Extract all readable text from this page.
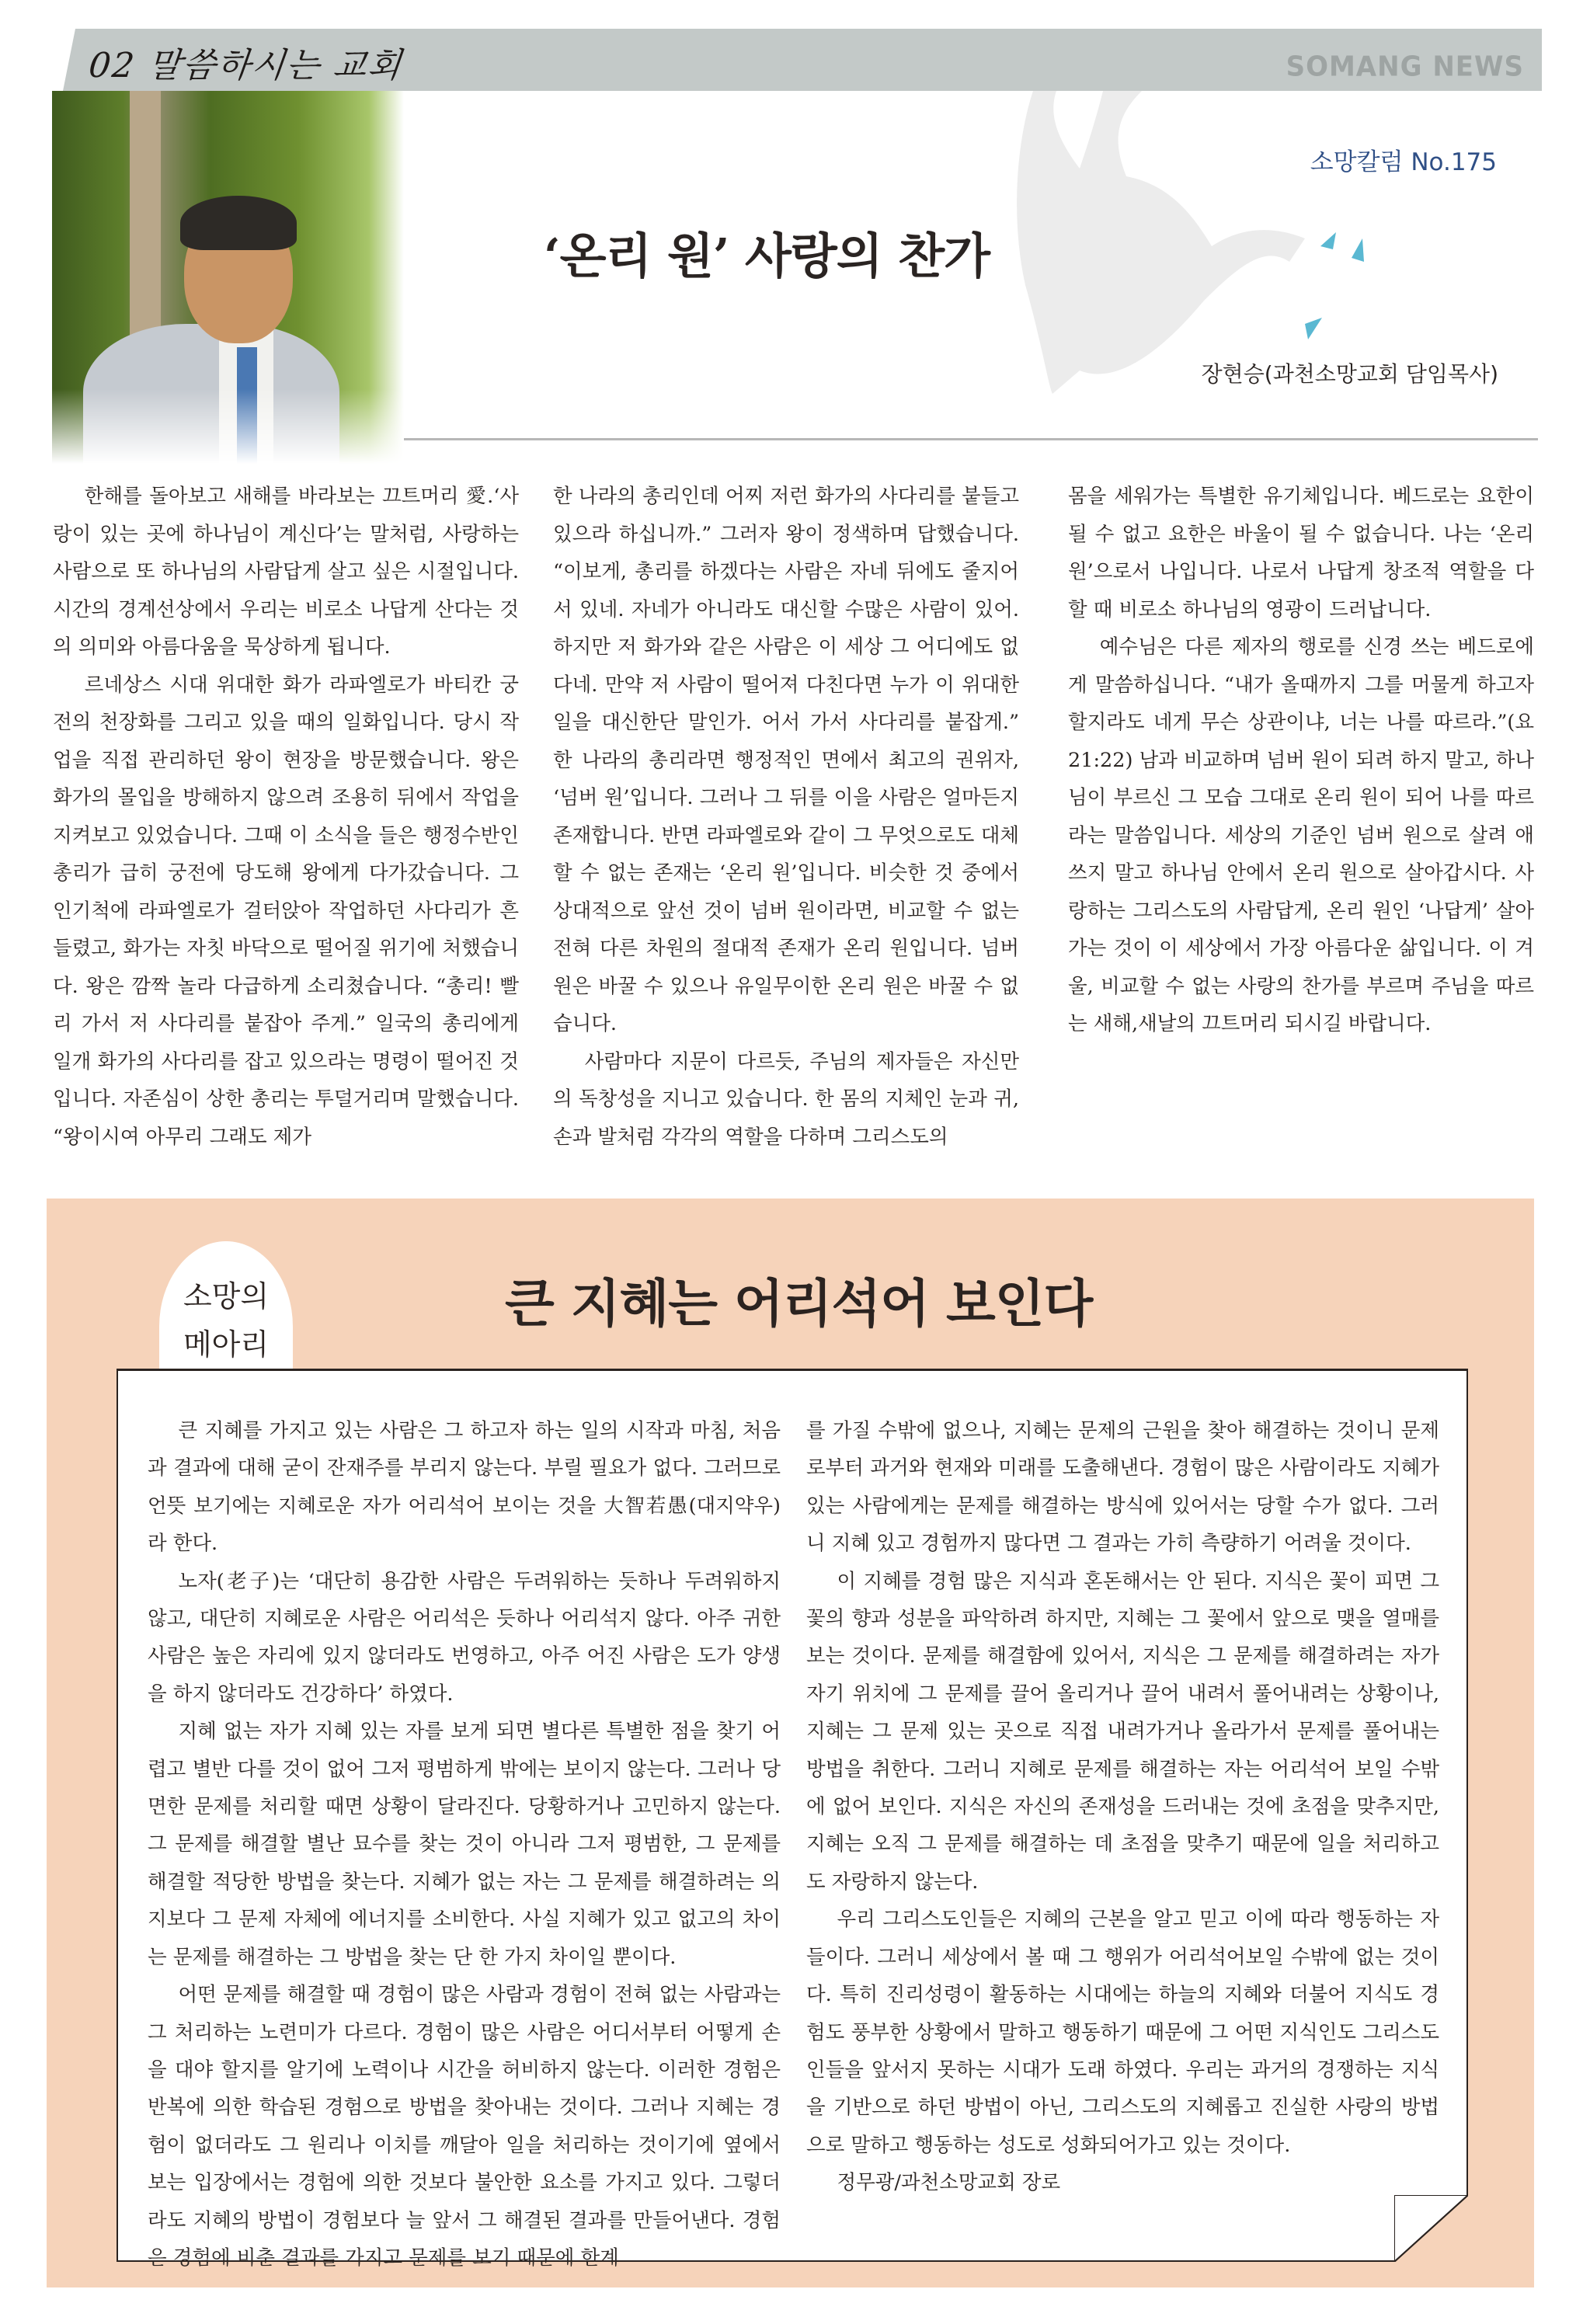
02 말씀하시는 교회	SOMANG NEWS
소망칼럼 No.175
‘온리 원’ 사랑의 찬가
장현승(과천소망교회 담임목사)

한해를 돌아보고 새해를 바라보는 끄트머리 愛.‘사랑이 있는 곳에 하나님이 계신다’는 말처럼, 사랑하는 사람으로 또 하나님의 사람답게 살고 싶은 시절입니다. 시간의 경계선상에서 우리는 비로소 나답게 산다는 것의 의미와 아름다움을 묵상하게 됩니다.

르네상스 시대 위대한 화가 라파엘로가 바티칸 궁전의 천장화를 그리고 있을 때의 일화입니다. 당시 작업을 직접 관리하던 왕이 현장을 방문했습니다. 왕은 화가의 몰입을 방해하지 않으려 조용히 뒤에서 작업을 지켜보고 있었습니다. 그때 이 소식을 들은 행정수반인 총리가 급히 궁전에 당도해 왕에게 다가갔습니다. 그 인기척에 라파엘로가 걸터앉아 작업하던 사다리가 흔들렸고, 화가는 자칫 바닥으로 떨어질 위기에 처했습니다. 왕은 깜짝 놀라 다급하게 소리쳤습니다. “총리! 빨리 가서 저 사다리를 붙잡아 주게.” 일국의 총리에게 일개 화가의 사다리를 잡고 있으라는 명령이 떨어진 것입니다. 자존심이 상한 총리는 투덜거리며 말했습니다. “왕이시여 아무리 그래도 제가

한 나라의 총리인데 어찌 저런 화가의 사다리를 붙들고 있으라 하십니까.” 그러자 왕이 정색하며 답했습니다. “이보게, 총리를 하겠다는 사람은 자네 뒤에도 줄지어 서 있네. 자네가 아니라도 대신할 수많은 사람이 있어. 하지만 저 화가와 같은 사람은 이 세상 그 어디에도 없다네. 만약 저 사람이 떨어져 다친다면 누가 이 위대한 일을 대신한단 말인가. 어서 가서 사다리를 붙잡게.” 한 나라의 총리라면 행정적인 면에서 최고의 권위자, ‘넘버 원’입니다. 그러나 그 뒤를 이을 사람은 얼마든지 존재합니다. 반면 라파엘로와 같이 그 무엇으로도 대체할 수 없는 존재는 ‘온리 원’입니다. 비슷한 것 중에서 상대적으로 앞선 것이 넘버 원이라면, 비교할 수 없는 전혀 다른 차원의 절대적 존재가 온리 원입니다. 넘버 원은 바꿀 수 있으나 유일무이한 온리 원은 바꿀 수 없습니다.

사람마다 지문이 다르듯, 주님의 제자들은 자신만의 독창성을 지니고 있습니다. 한 몸의 지체인 눈과 귀, 손과 발처럼 각각의 역할을 다하며 그리스도의

몸을 세워가는 특별한 유기체입니다. 베드로는 요한이 될 수 없고 요한은 바울이 될 수 없습니다. 나는 ‘온리 원’으로서 나입니다. 나로서 나답게 창조적 역할을 다할 때 비로소 하나님의 영광이 드러납니다.

예수님은 다른 제자의 행로를 신경 쓰는 베드로에게 말씀하십니다. “내가 올때까지 그를 머물게 하고자 할지라도 네게 무슨 상관이냐, 너는 나를 따르라.”(요 21:22) 남과 비교하며 넘버 원이 되려 하지 말고, 하나님이 부르신 그 모습 그대로 온리 원이 되어 나를 따르라는 말씀입니다. 세상의 기준인 넘버 원으로 살려 애쓰지 말고 하나님 안에서 온리 원으로 살아갑시다. 사랑하는 그리스도의 사람답게, 온리 원인 ‘나답게’ 살아가는 것이 이 세상에서 가장 아름다운 삶입니다. 이 겨울, 비교할 수 없는 사랑의 찬가를 부르며 주님을 따르는 새해,새날의 끄트머리 되시길 바랍니다.

소망의
메아리
큰 지혜는 어리석어 보인다

큰 지혜를 가지고 있는 사람은 그 하고자 하는 일의 시작과 마침, 처음과 결과에 대해 굳이 잔재주를 부리지 않는다. 부릴 필요가 없다. 그러므로 언뜻 보기에는 지혜로운 자가 어리석어 보이는 것을 大智若愚(대지약우)라 한다.

노자(老子)는 ‘대단히 용감한 사람은 두려워하는 듯하나 두려워하지 않고, 대단히 지혜로운 사람은 어리석은 듯하나 어리석지 않다. 아주 귀한 사람은 높은 자리에 있지 않더라도 번영하고, 아주 어진 사람은 도가 양생을 하지 않더라도 건강하다’ 하였다.

지혜 없는 자가 지혜 있는 자를 보게 되면 별다른 특별한 점을 찾기 어렵고 별반 다를 것이 없어 그저 평범하게 밖에는 보이지 않는다. 그러나 당면한 문제를 처리할 때면 상황이 달라진다. 당황하거나 고민하지 않는다. 그 문제를 해결할 별난 묘수를 찾는 것이 아니라 그저 평범한, 그 문제를 해결할 적당한 방법을 찾는다. 지혜가 없는 자는 그 문제를 해결하려는 의지보다 그 문제 자체에 에너지를 소비한다. 사실 지혜가 있고 없고의 차이는 문제를 해결하는 그 방법을 찾는 단 한 가지 차이일 뿐이다.

어떤 문제를 해결할 때 경험이 많은 사람과 경험이 전혀 없는 사람과는 그 처리하는 노련미가 다르다. 경험이 많은 사람은 어디서부터 어떻게 손을 대야 할지를 알기에 노력이나 시간을 허비하지 않는다. 이러한 경험은 반복에 의한 학습된 경험으로 방법을 찾아내는 것이다. 그러나 지혜는 경험이 없더라도 그 원리나 이치를 깨달아 일을 처리하는 것이기에 옆에서 보는 입장에서는 경험에 의한 것보다 불안한 요소를 가지고 있다. 그렇더라도 지혜의 방법이 경험보다 늘 앞서 그 해결된 결과를 만들어낸다. 경험은 경험에 비춘 결과를 가지고 문제를 보기 때문에 한계

를 가질 수밖에 없으나, 지혜는 문제의 근원을 찾아 해결하는 것이니 문제로부터 과거와 현재와 미래를 도출해낸다. 경험이 많은 사람이라도 지혜가 있는 사람에게는 문제를 해결하는 방식에 있어서는 당할 수가 없다. 그러니 지혜 있고 경험까지 많다면 그 결과는 가히 측량하기 어려울 것이다.

이 지혜를 경험 많은 지식과 혼돈해서는 안 된다. 지식은 꽃이 피면 그 꽃의 향과 성분을 파악하려 하지만, 지혜는 그 꽃에서 앞으로 맺을 열매를 보는 것이다. 문제를 해결함에 있어서, 지식은 그 문제를 해결하려는 자가 자기 위치에 그 문제를 끌어 올리거나 끌어 내려서 풀어내려는 상황이나, 지혜는 그 문제 있는 곳으로 직접 내려가거나 올라가서 문제를 풀어내는 방법을 취한다. 그러니 지혜로 문제를 해결하는 자는 어리석어 보일 수밖에 없어 보인다. 지식은 자신의 존재성을 드러내는 것에 초점을 맞추지만, 지혜는 오직 그 문제를 해결하는 데 초점을 맞추기 때문에 일을 처리하고도 자랑하지 않는다.

우리 그리스도인들은 지혜의 근본을 알고 믿고 이에 따라 행동하는 자들이다. 그러니 세상에서 볼 때 그 행위가 어리석어보일 수밖에 없는 것이다. 특히 진리성령이 활동하는 시대에는 하늘의 지혜와 더불어 지식도 경험도 풍부한 상황에서 말하고 행동하기 때문에 그 어떤 지식인도 그리스도인들을 앞서지 못하는 시대가 도래 하였다. 우리는 과거의 경쟁하는 지식을 기반으로 하던 방법이 아닌, 그리스도의 지혜롭고 진실한 사랑의 방법으로 말하고 행동하는 성도로 성화되어가고 있는 것이다.

정무광/과천소망교회 장로
